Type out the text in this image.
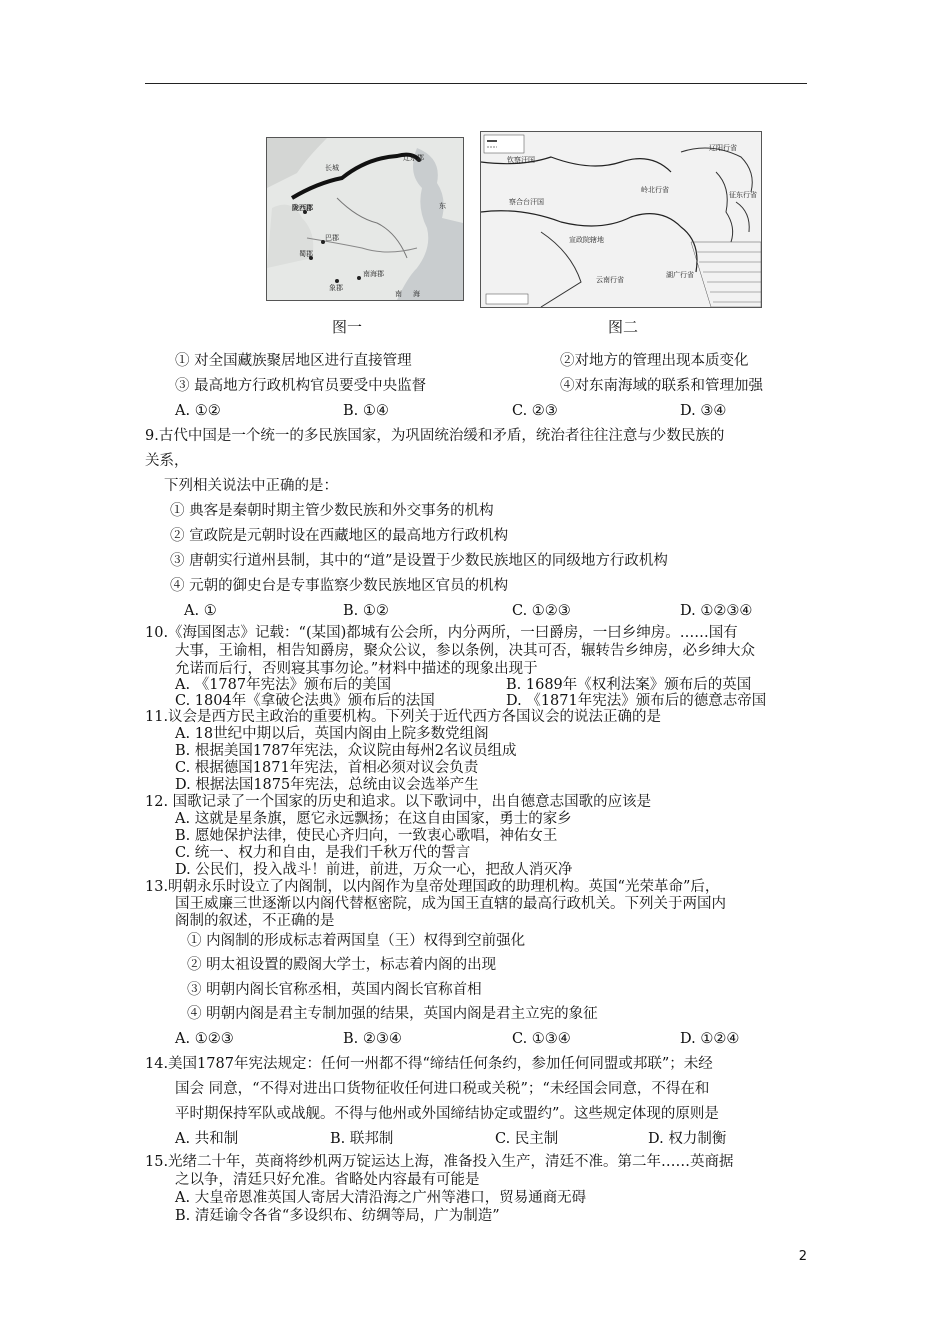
长城
辽东郡
陇西郡
巴郡
蜀郡
南海郡
象郡
东
南 海
图一
钦察汗国
察合台汗国
宣政院辖地
云南行省
湖广行省
辽阳行省
岭北行省
征东行省
图二
① 对全国藏族聚居地区进行直接管理	②对地方的管理出现本质变化
③ 最高地方行政机构官员要受中央监督	④对东南海域的联系和管理加强
A. ①②	B. ①④	C. ②③	D. ③④
9.古代中国是一个统一的多民族国家，为巩固统治缓和矛盾，统治者往往注意与少数民族的
关系，
下列相关说法中正确的是：
① 典客是秦朝时期主管少数民族和外交事务的机构
② 宣政院是元朝时设在西藏地区的最高地方行政机构
③ 唐朝实行道州县制，其中的“道”是设置于少数民族地区的同级地方行政机构
④ 元朝的御史台是专事监察少数民族地区官员的机构
A. ①	B. ①②	C. ①②③	D. ①②③④
10.《海国图志》记载：“(某国)都城有公会所，内分两所，一曰爵房，一曰乡绅房。……国有
大事，王谕相，相告知爵房，聚众公议，参以条例，决其可否，辗转告乡绅房，必乡绅大众
允诺而后行，否则寝其事勿论。”材料中描述的现象出现于
A. 《1787年宪法》颁布后的美国	B. 1689年《权利法案》颁布后的英国
C. 1804年《拿破仑法典》颁布后的法国	D. 《1871年宪法》颁布后的德意志帝国
11.议会是西方民主政治的重要机构。下列关于近代西方各国议会的说法正确的是
A. 18世纪中期以后，英国内阁由上院多数党组阁
B. 根据美国1787年宪法，众议院由每州2名议员组成
C. 根据德国1871年宪法，首相必须对议会负责
D. 根据法国1875年宪法，总统由议会选举产生
12. 国歌记录了一个国家的历史和追求。以下歌词中，出自德意志国歌的应该是
A. 这就是星条旗，愿它永远飘扬；在这自由国家，勇士的家乡
B. 愿她保护法律，使民心齐归向，一致衷心歌唱，神佑女王
C. 统一、权力和自由，是我们千秋万代的誓言
D. 公民们，投入战斗！前进，前进，万众一心，把敌人消灭净
13.明朝永乐时设立了内阁制，以内阁作为皇帝处理国政的助理机构。英国“光荣革命”后，
国王威廉三世逐渐以内阁代替枢密院，成为国王直辖的最高行政机关。下列关于两国内
阁制的叙述，不正确的是
① 内阁制的形成标志着两国皇（王）权得到空前强化
② 明太祖设置的殿阁大学士，标志着内阁的出现
③ 明朝内阁长官称丞相，英国内阁长官称首相
④ 明朝内阁是君主专制加强的结果，英国内阁是君主立宪的象征
A. ①②③	B. ②③④	C. ①③④	D. ①②④
14.美国1787年宪法规定：任何一州都不得“缔结任何条约，参加任何同盟或邦联”；未经
国会 同意，“不得对进出口货物征收任何进口税或关税”；“未经国会同意，不得在和
平时期保持军队或战舰。不得与他州或外国缔结协定或盟约”。这些规定体现的原则是
A. 共和制	B. 联邦制	C. 民主制	D. 权力制衡
15.光绪二十年，英商将纱机两万锭运达上海，准备投入生产，清廷不准。第二年……英商据
之以争，清廷只好允准。省略处内容最有可能是
A. 大皇帝恩准英国人寄居大清沿海之广州等港口，贸易通商无碍
B. 清廷谕令各省“多设织布、纺绸等局，广为制造”
2
